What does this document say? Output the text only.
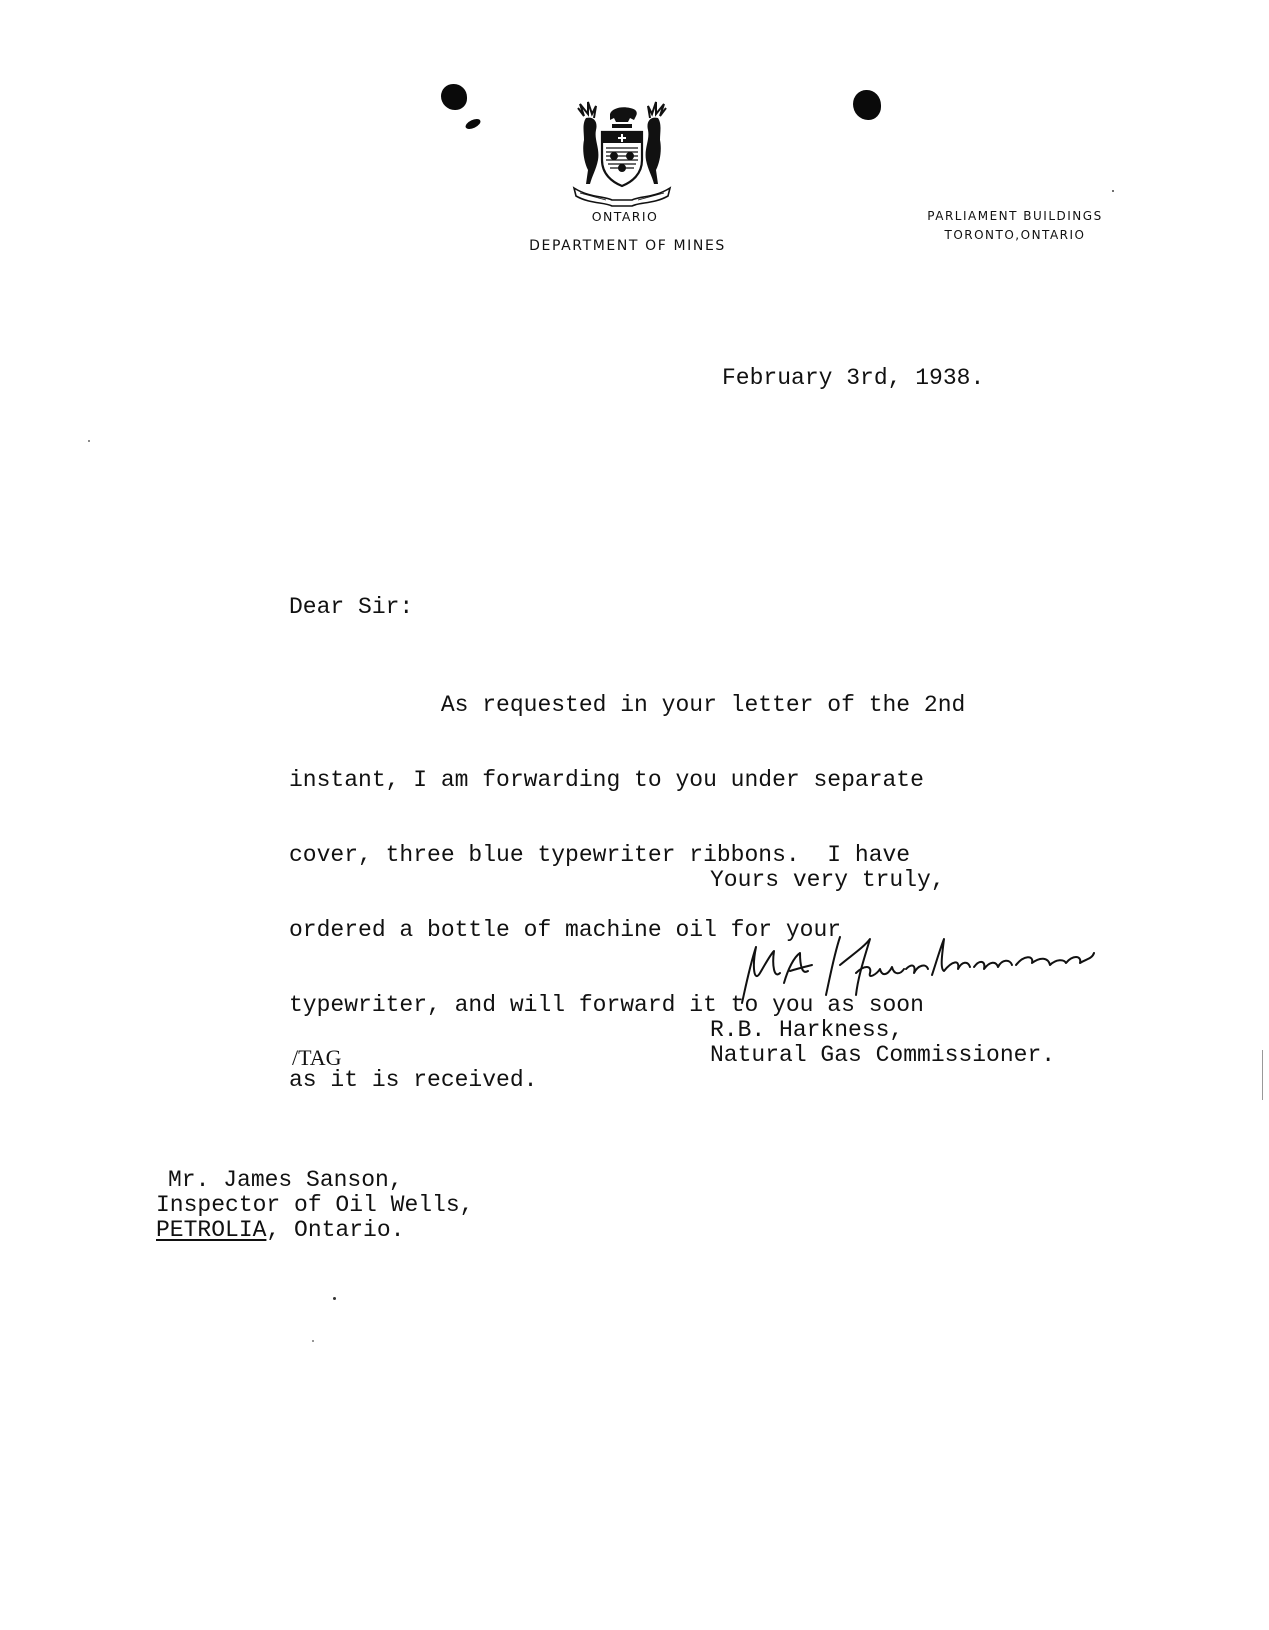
ONTARIO
DEPARTMENT OF MINES
PARLIAMENT BUILDINGS
TORONTO,ONTARIO
February 3rd, 1938.
Dear Sir:

As requested in your letter of the 2nd

instant, I am forwarding to you under separate

cover, three blue typewriter ribbons.  I have

ordered a bottle of machine oil for your

typewriter, and will forward it to you as soon

as it is received.

Yours very truly,
R.B. Harkness,
Natural Gas Commissioner.
/TAG
Mr. James Sanson,
Inspector of Oil Wells,
PETROLIA, Ontario.
